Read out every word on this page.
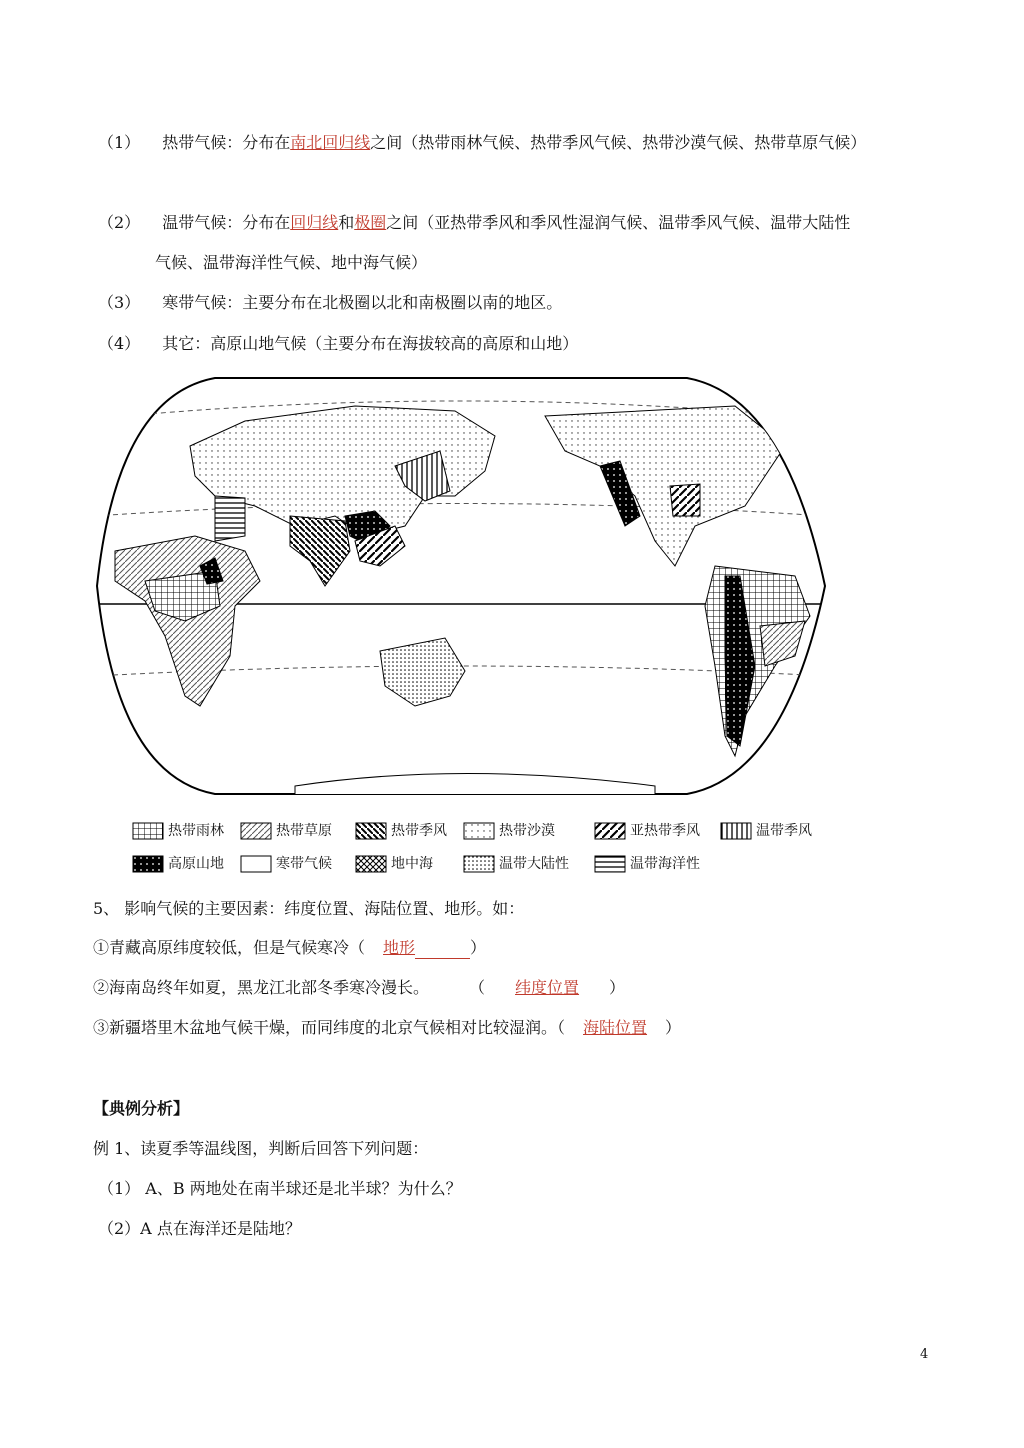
（1） 热带气候：分布在南北回归线之间（热带雨林气候、热带季风气候、热带沙漠气候、热带草原气候）
（2） 温带气候：分布在回归线和极圈之间（亚热带季风和季风性湿润气候、温带季风气候、温带大陆性
气候、温带海洋性气候、地中海气候）
（3） 寒带气候：主要分布在北极圈以北和南极圈以南的地区。
（4） 其它：高原山地气候（主要分布在海拔较高的高原和山地）
热带雨林	热带草原	热带季风	热带沙漠	亚热带季风	温带季风
高原山地	寒带气候	地中海	温带大陆性	温带海洋性
5、 影响气候的主要因素：纬度位置、海陆位置、地形。如：
①青藏高原纬度较低，但是气候寒冷（ 地形	）
②海南岛终年如夏，黑龙江北部冬季寒冷漫长。	（ 纬度位置 ）
③新疆塔里木盆地气候干燥，而同纬度的北京气候相对比较湿润。（ 海陆位置 ）
【典例分析】
例 1、读夏季等温线图，判断后回答下列问题：
（1） A、B 两地处在南半球还是北半球？为什么？
（2）A 点在海洋还是陆地？
4
